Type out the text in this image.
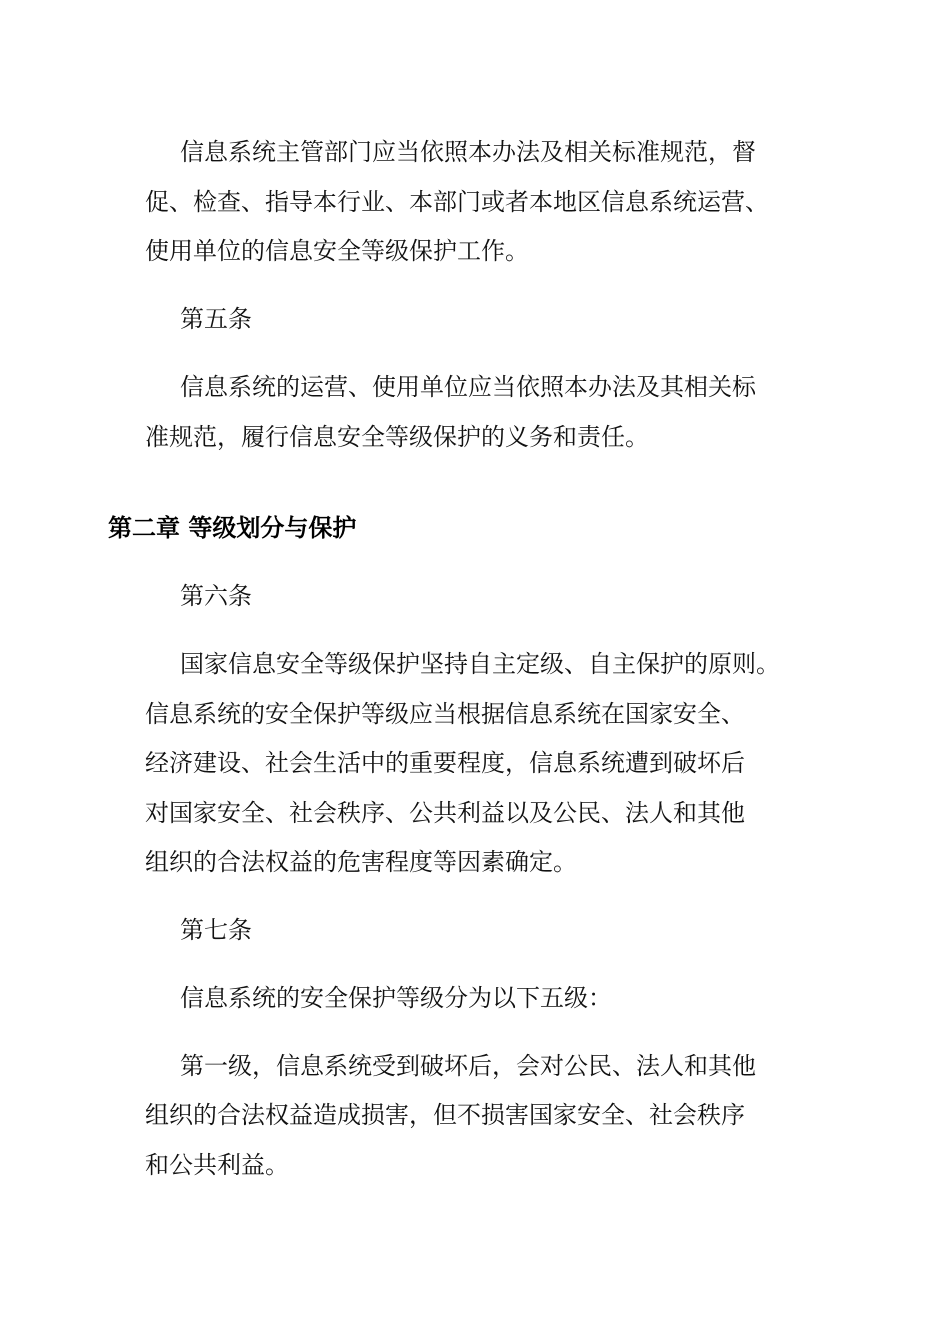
信息系统主管部门应当依照本办法及相关标准规范，督
促、检查、指导本行业、本部门或者本地区信息系统运营、
使用单位的信息安全等级保护工作。
第五条
信息系统的运营、使用单位应当依照本办法及其相关标
准规范，履行信息安全等级保护的义务和责任。
第二章 等级划分与保护
第六条
国家信息安全等级保护坚持自主定级、自主保护的原则。
信息系统的安全保护等级应当根据信息系统在国家安全、
经济建设、社会生活中的重要程度，信息系统遭到破坏后
对国家安全、社会秩序、公共利益以及公民、法人和其他
组织的合法权益的危害程度等因素确定。
第七条
信息系统的安全保护等级分为以下五级：
第一级，信息系统受到破坏后，会对公民、法人和其他
组织的合法权益造成损害，但不损害国家安全、社会秩序
和公共利益。
